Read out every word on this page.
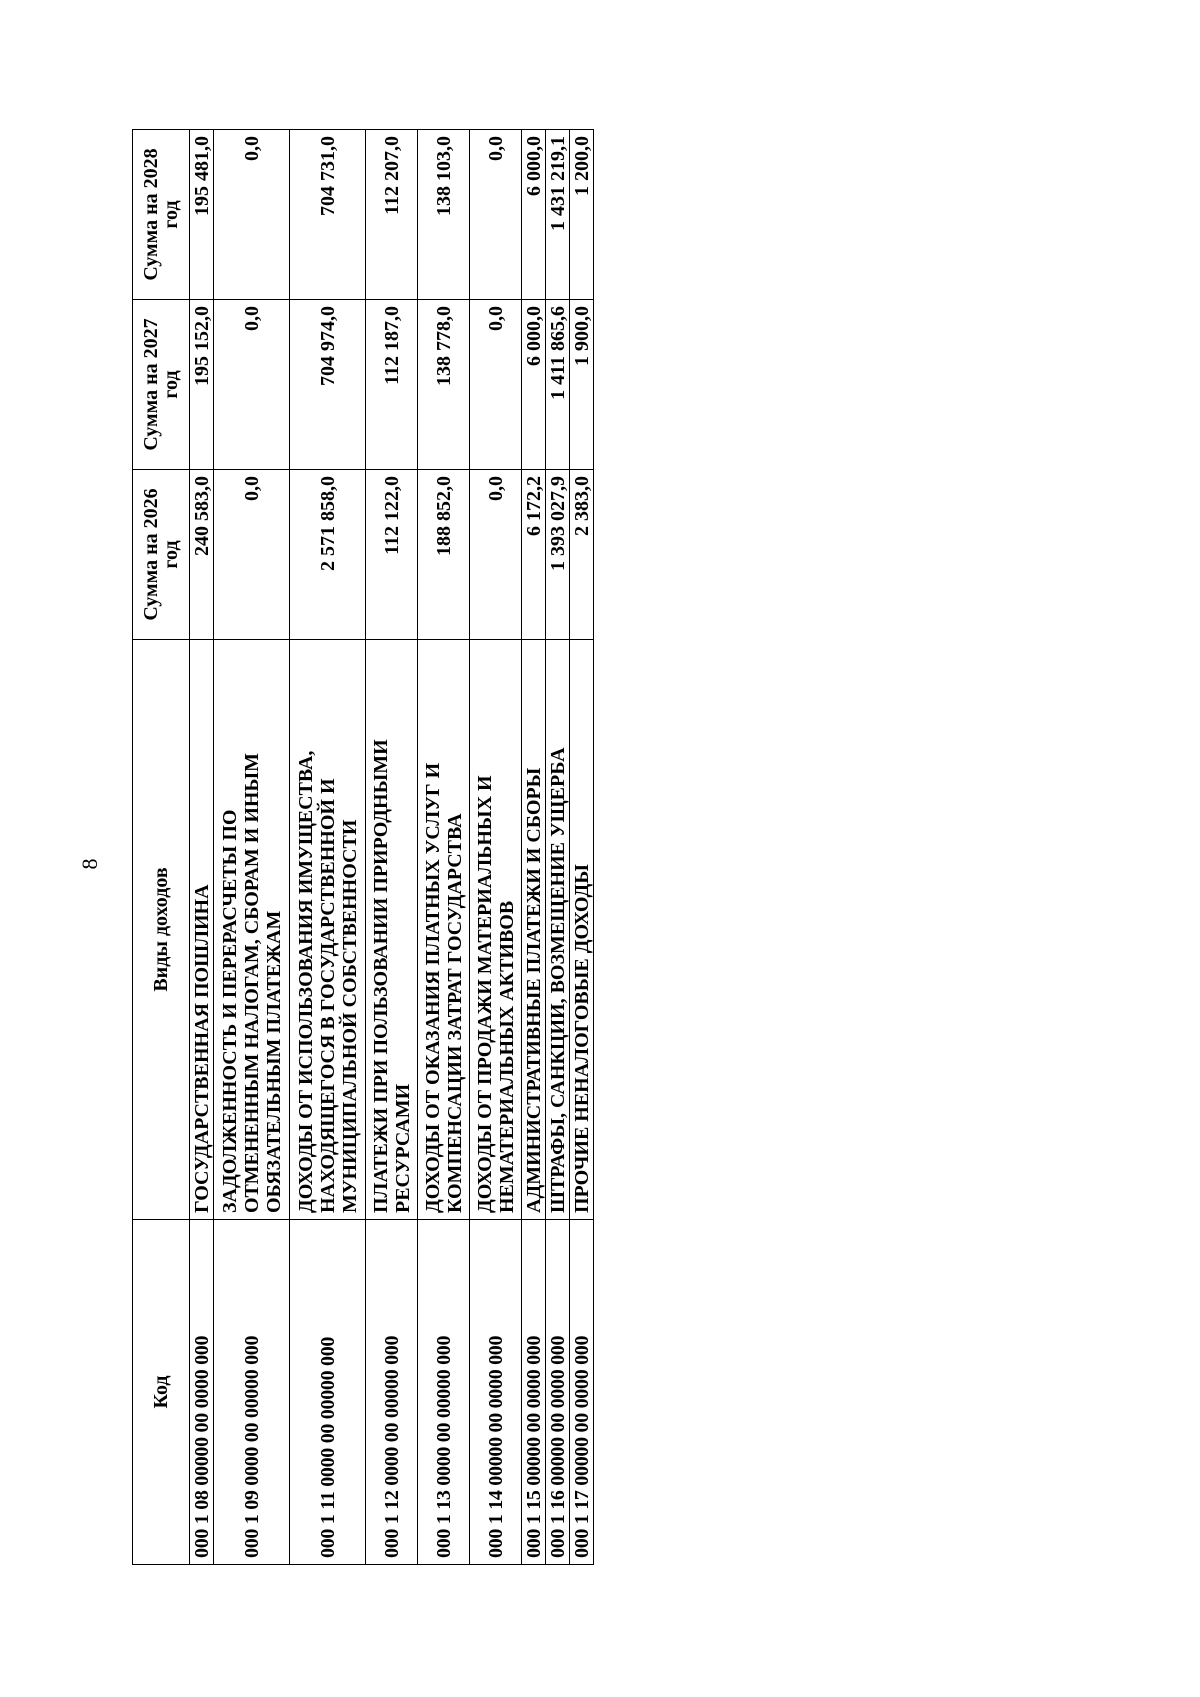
8
Код	Виды доходов	Сумма на 2026 год	Сумма на 2027 год	Сумма на 2028 год
000 1 08 00000 00 0000 000	ГОСУДАРСТВЕННАЯ ПОШЛИНА	240 583,0	195 152,0	195 481,0
000 1 09 0000 00 00000 000	ЗАДОЛЖЕННОСТЬ И ПЕРЕРАСЧЕТЫ ПО ОТМЕНЕННЫМ НАЛОГАМ, СБОРАМ И ИНЫМ ОБЯЗАТЕЛЬНЫМ ПЛАТЕЖАМ	0,0	0,0	0,0
000 1 11 0000 00 00000 000	ДОХОДЫ ОТ ИСПОЛЬЗОВАНИЯ ИМУЩЕСТВА, НАХОДЯЩЕГОСЯ В ГОСУДАРСТВЕННОЙ И МУНИЦИПАЛЬНОЙ СОБСТВЕННОСТИ	2 571 858,0	704 974,0	704 731,0
000 1 12 0000 00 00000 000	ПЛАТЕЖИ ПРИ ПОЛЬЗОВАНИИ ПРИРОДНЫМИ РЕСУРСАМИ	112 122,0	112 187,0	112 207,0
000 1 13 0000 00 00000 000	ДОХОДЫ ОТ ОКАЗАНИЯ ПЛАТНЫХ УСЛУГ И КОМПЕНСАЦИИ ЗАТРАТ ГОСУДАРСТВА	188 852,0	138 778,0	138 103,0
000 1 14 00000 00 0000 000	ДОХОДЫ ОТ ПРОДАЖИ МАТЕРИАЛЬНЫХ И НЕМАТЕРИАЛЬНЫХ АКТИВОВ	0,0	0,0	0,0
000 1 15 00000 00 0000 000	АДМИНИСТРАТИВНЫЕ ПЛАТЕЖИ И СБОРЫ	6 172,2	6 000,0	6 000,0
000 1 16 00000 00 0000 000	ШТРАФЫ, САНКЦИИ, ВОЗМЕЩЕНИЕ УЩЕРБА	1 393 027,9	1 411 865,6	1 431 219,1
000 1 17 00000 00 0000 000	ПРОЧИЕ НЕНАЛОГОВЫЕ ДОХОДЫ	2 383,0	1 900,0	1 200,0
